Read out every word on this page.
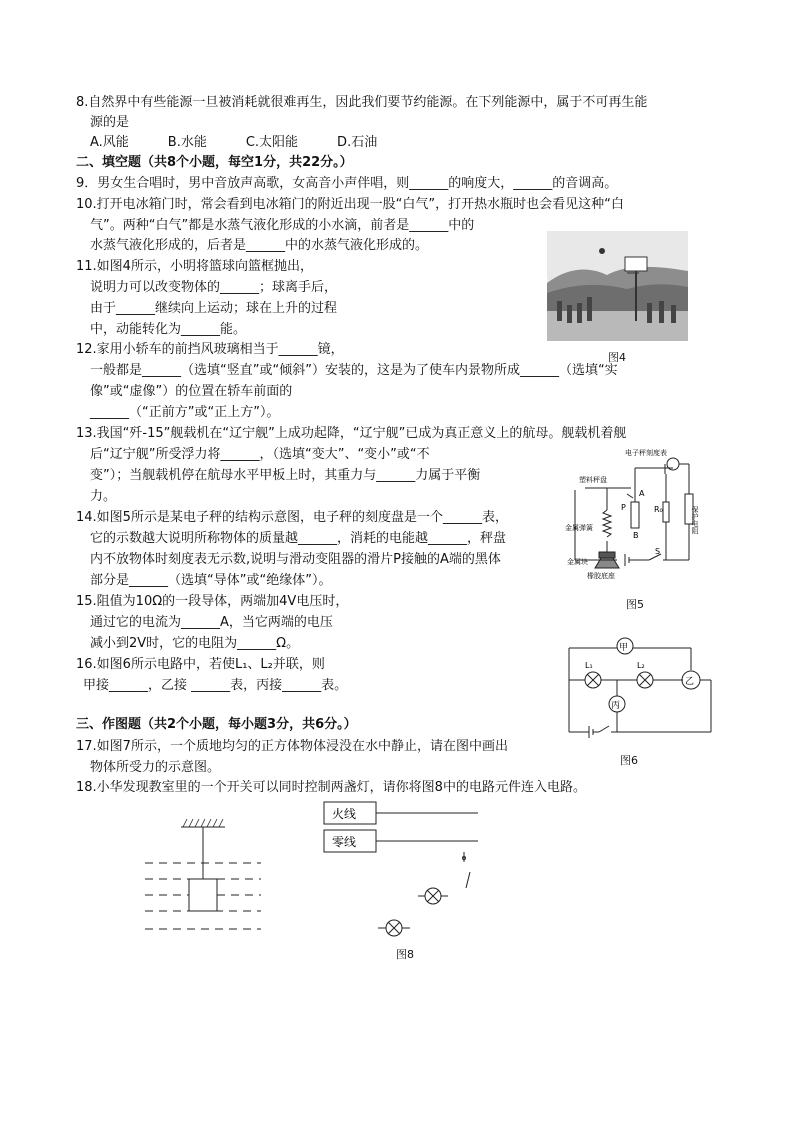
8.自然界中有些能源一旦被消耗就很难再生，因此我们要节约能源。在下列能源中，属于不可再生能
源的是
A.风能　　　B.水能　　　C.太阳能　　　D.石油
二、填空题（共8个小题，每空1分，共22分。）
9．男女生合唱时，男中音放声高歌，女高音小声伴唱，则______的响度大，______的音调高。
10.打开电冰箱门时，常会看到电冰箱门的附近出现一股“白气”，打开热水瓶时也会看见这种“白
气”。两种“白气”都是水蒸气液化形成的小水滴，前者是______中的
水蒸气液化形成的，后者是______中的水蒸气液化形成的。
11.如图4所示，小明将篮球向篮框抛出，
说明力可以改变物体的______；球离手后，
由于______继续向上运动；球在上升的过程
中，动能转化为______能。
12.家用小轿车的前挡风玻璃相当于______镜，
一般都是______（选填“竖直”或“倾斜”）安装的，这是为了使车内景物所成______（选填“实
像”或“虚像”）的位置在轿车前面的
______（“正前方”或“正上方”）。
13.我国“歼-15”舰载机在“辽宁舰”上成功起降，“辽宁舰”已成为真正意义上的航母。舰载机着舰
后“辽宁舰”所受浮力将______，（选填“变大”、“变小”或“不
变”）；当舰载机停在航母水平甲板上时，其重力与______力属于平衡
力。
14.如图5所示是某电子秤的结构示意图，电子秤的刻度盘是一个______表，
它的示数越大说明所称物体的质量越______，消耗的电能越______，秤盘
内不放物体时刻度表无示数,说明与滑动变阻器的滑片P接触的A端的黑体
部分是______（选填“导体”或“绝缘体”）。
15.阻值为10Ω的一段导体，两端加4V电压时，
通过它的电流为______A，当它两端的电压
减小到2V时，它的电阻为______Ω。
16.如图6所示电路中，若使L₁、L₂并联，则
甲接______，乙接 ______表，丙接______表。
三、作图题（共2个小题，每小题3分，共6分。）
17.如图7所示，一个质地均匀的正方体物体浸没在水中静止，请在图中画出
物体所受力的示意图。
18.小华发现教室里的一个开关可以同时控制两盏灯，请你将图8中的电路元件连入电路。
图4
电子秤刻度表
塑料秤盘
金属弹簧
金属块
橡胶底座
保护电阻
A
P
B
R₀
S
图5
甲
乙
丙
L₁	L₂
图6
火线
零线
图8
